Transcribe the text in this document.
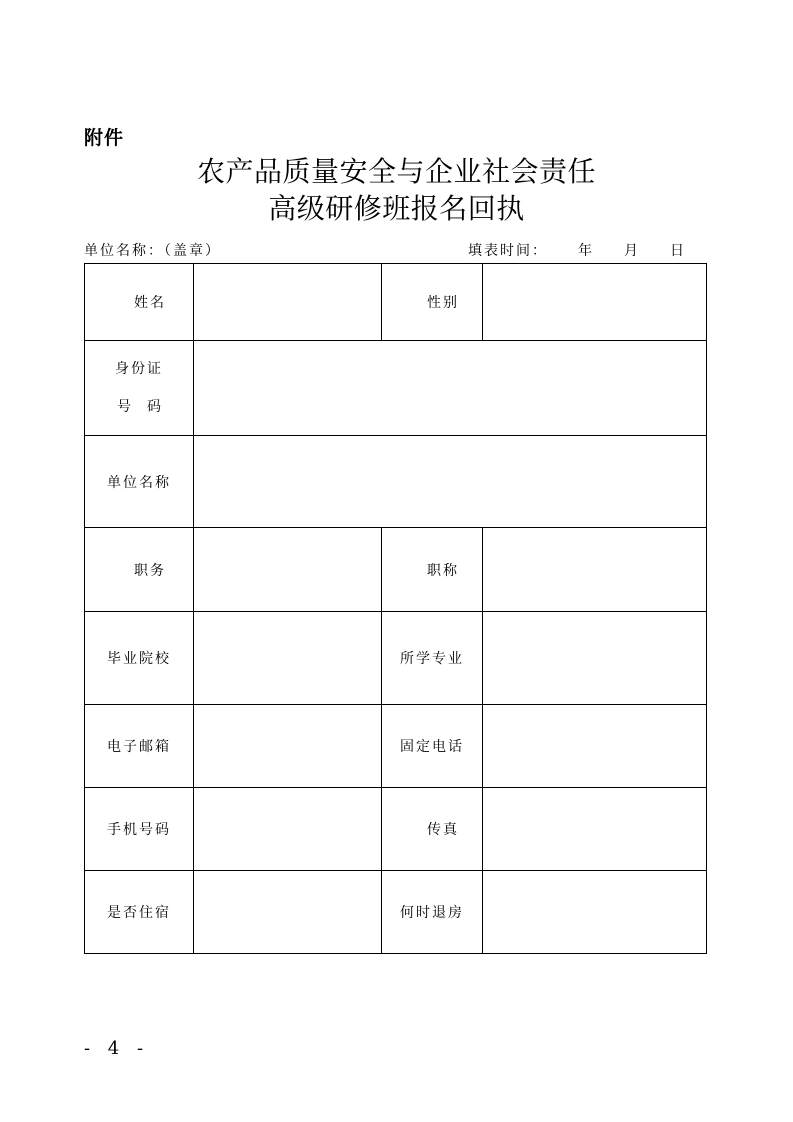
附件
农产品质量安全与企业社会责任
高级研修班报名回执
单位名称：（盖章）	填表时间： 年 月 日
姓名		性别	

身份证
号码			

单位名称			
职务		职称	
毕业院校		所学专业	
电子邮箱		固定电话	
手机号码		传真	
是否住宿		何时退房	
- 4 -
